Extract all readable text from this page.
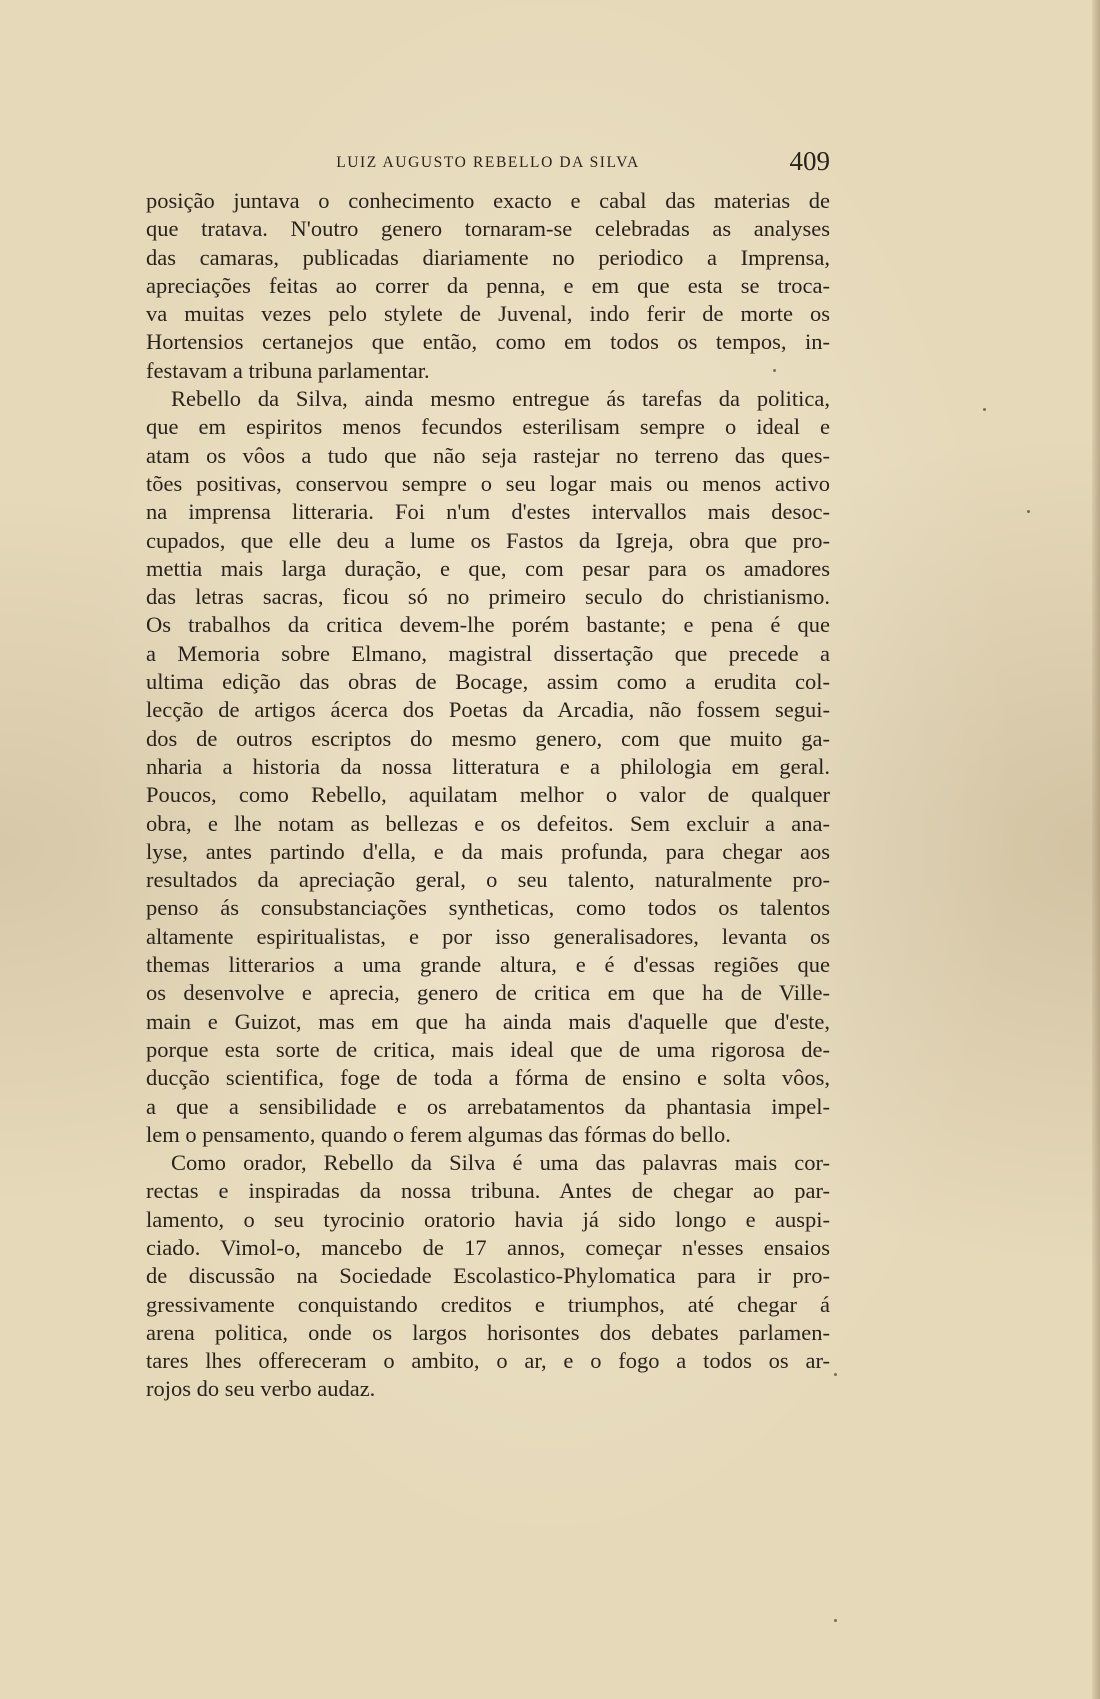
LUIZ AUGUSTO REBELLO DA SILVA	409
posição juntava o conhecimento exacto e cabal das materias de
que tratava. N'outro genero tornaram-se celebradas as analyses
das camaras, publicadas diariamente no periodico a Imprensa,
apreciações feitas ao correr da penna, e em que esta se troca-
va muitas vezes pelo stylete de Juvenal, indo ferir de morte os
Hortensios certanejos que então, como em todos os tempos, in-
festavam a tribuna parlamentar.
Rebello da Silva, ainda mesmo entregue ás tarefas da politica,
que em espiritos menos fecundos esterilisam sempre o ideal e
atam os vôos a tudo que não seja rastejar no terreno das ques-
tões positivas, conservou sempre o seu logar mais ou menos activo
na imprensa litteraria. Foi n'um d'estes intervallos mais desoc-
cupados, que elle deu a lume os Fastos da Igreja, obra que pro-
mettia mais larga duração, e que, com pesar para os amadores
das letras sacras, ficou só no primeiro seculo do christianismo.
Os trabalhos da critica devem-lhe porém bastante; e pena é que
a Memoria sobre Elmano, magistral dissertação que precede a
ultima edição das obras de Bocage, assim como a erudita col-
lecção de artigos ácerca dos Poetas da Arcadia, não fossem segui-
dos de outros escriptos do mesmo genero, com que muito ga-
nharia a historia da nossa litteratura e a philologia em geral.
Poucos, como Rebello, aquilatam melhor o valor de qualquer
obra, e lhe notam as bellezas e os defeitos. Sem excluir a ana-
lyse, antes partindo d'ella, e da mais profunda, para chegar aos
resultados da apreciação geral, o seu talento, naturalmente pro-
penso ás consubstanciações syntheticas, como todos os talentos
altamente espiritualistas, e por isso generalisadores, levanta os
themas litterarios a uma grande altura, e é d'essas regiões que
os desenvolve e aprecia, genero de critica em que ha de Ville-
main e Guizot, mas em que ha ainda mais d'aquelle que d'este,
porque esta sorte de critica, mais ideal que de uma rigorosa de-
ducção scientifica, foge de toda a fórma de ensino e solta vôos,
a que a sensibilidade e os arrebatamentos da phantasia impel-
lem o pensamento, quando o ferem algumas das fórmas do bello.
Como orador, Rebello da Silva é uma das palavras mais cor-
rectas e inspiradas da nossa tribuna. Antes de chegar ao par-
lamento, o seu tyrocinio oratorio havia já sido longo e auspi-
ciado. Vimol-o, mancebo de 17 annos, começar n'esses ensaios
de discussão na Sociedade Escolastico-Phylomatica para ir pro-
gressivamente conquistando creditos e triumphos, até chegar á
arena politica, onde os largos horisontes dos debates parlamen-
tares lhes offereceram o ambito, o ar, e o fogo a todos os ar-
rojos do seu verbo audaz.
